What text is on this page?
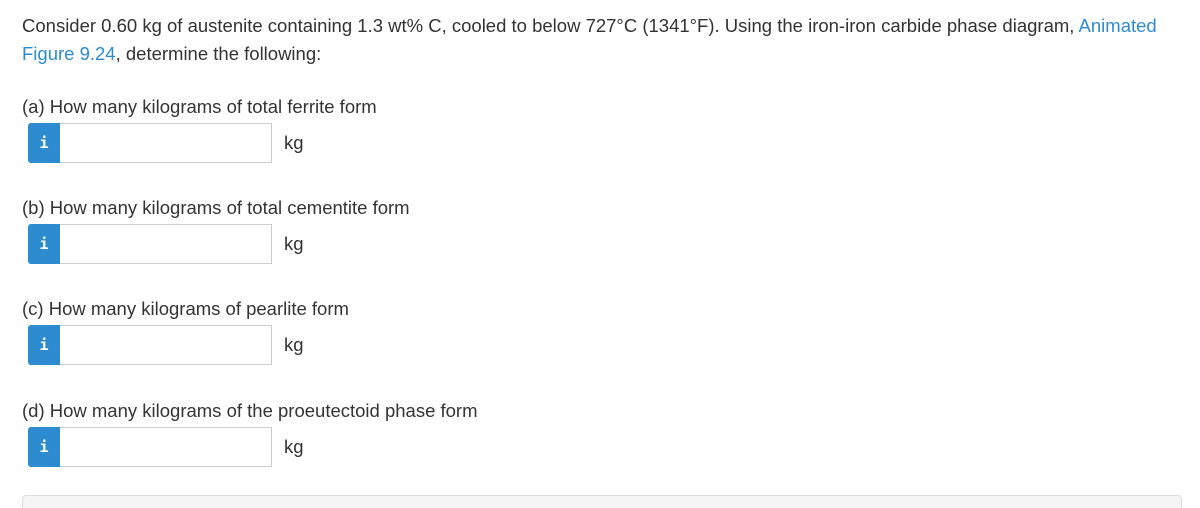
Consider 0.60 kg of austenite containing 1.3 wt% C, cooled to below 727°C (1341°F). Using the iron-iron carbide phase diagram, Animated Figure 9.24, determine the following:
(a) How many kilograms of total ferrite form
i	kg
(b) How many kilograms of total cementite form
i	kg
(c) How many kilograms of pearlite form
i	kg
(d) How many kilograms of the proeutectoid phase form
i	kg
